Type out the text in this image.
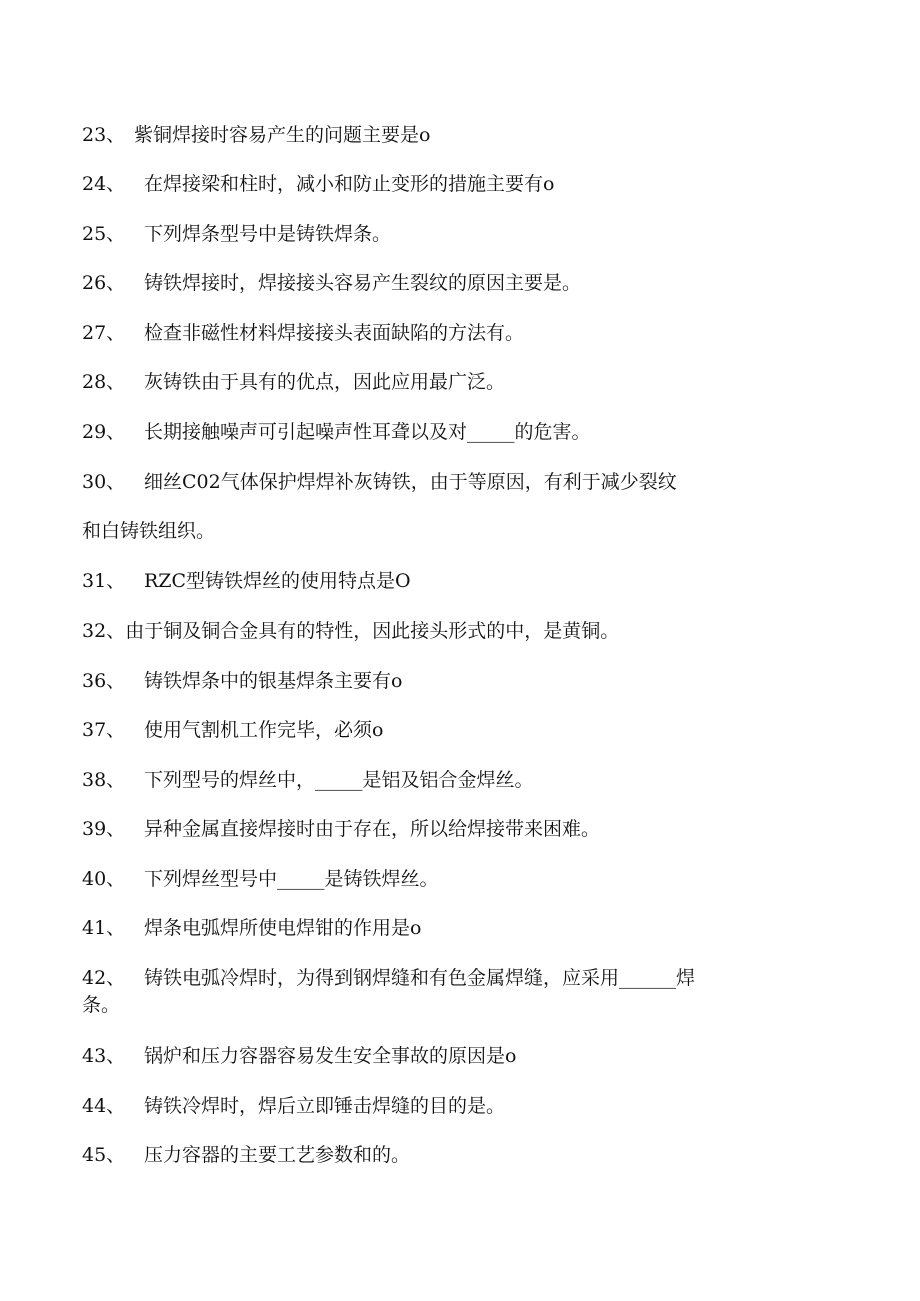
23、 紫铜焊接时容易产生的问题主要是o
24、 在焊接梁和柱时，减小和防止变形的措施主要有o
25、 下列焊条型号中是铸铁焊条。
26、 铸铁焊接时，焊接接头容易产生裂纹的原因主要是。
27、 检查非磁性材料焊接接头表面缺陷的方法有。
28、 灰铸铁由于具有的优点，因此应用最广泛。
29、 长期接触噪声可引起噪声性耳聋以及对_____的危害。
30、 细丝C02气体保护焊焊补灰铸铁，由于等原因，有利于减少裂纹
和白铸铁组织。
31、 RZC型铸铁焊丝的使用特点是O
32、由于铜及铜合金具有的特性，因此接头形式的中，是黄铜。
36、 铸铁焊条中的银基焊条主要有o
37、 使用气割机工作完毕，必须o
38、 下列型号的焊丝中，_____是铝及铝合金焊丝。
39、 异种金属直接焊接时由于存在，所以给焊接带来困难。
40、 下列焊丝型号中_____是铸铁焊丝。
41、 焊条电弧焊所使电焊钳的作用是o
42、 铸铁电弧冷焊时，为得到钢焊缝和有色金属焊缝，应采用______焊
条。
43、 锅炉和压力容器容易发生安全事故的原因是o
44、 铸铁冷焊时，焊后立即锤击焊缝的目的是。
45、 压力容器的主要工艺参数和的。
